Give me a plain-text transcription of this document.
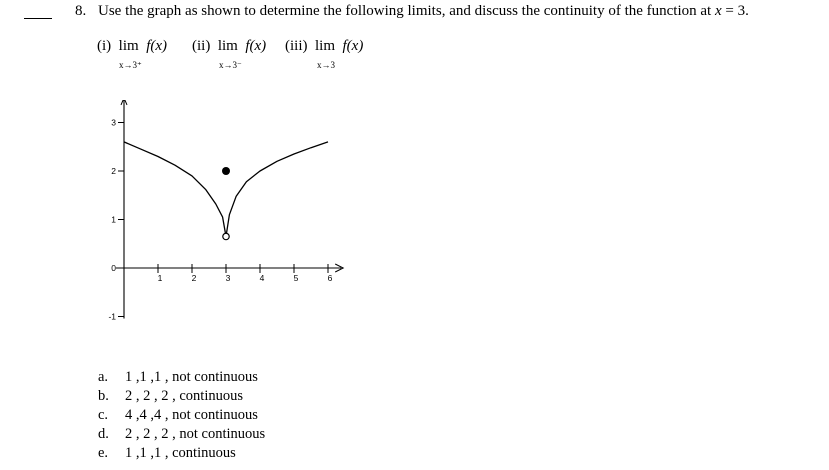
8. Use the graph as shown to determine the following limits, and discuss the continuity of the function at x = 3.
(i) lim f(x)
x→3⁺
(ii) lim f(x)
x→3⁻
(iii) lim f(x)
x→3
1	2	3	4	5	6
3
2
1
0
-1
a.	1 ,1 ,1 , not continuous
b.	2 , 2 , 2 , continuous
c.	4 ,4 ,4 , not continuous
d.	2 , 2 , 2 , not continuous
e.	1 ,1 ,1 , continuous
